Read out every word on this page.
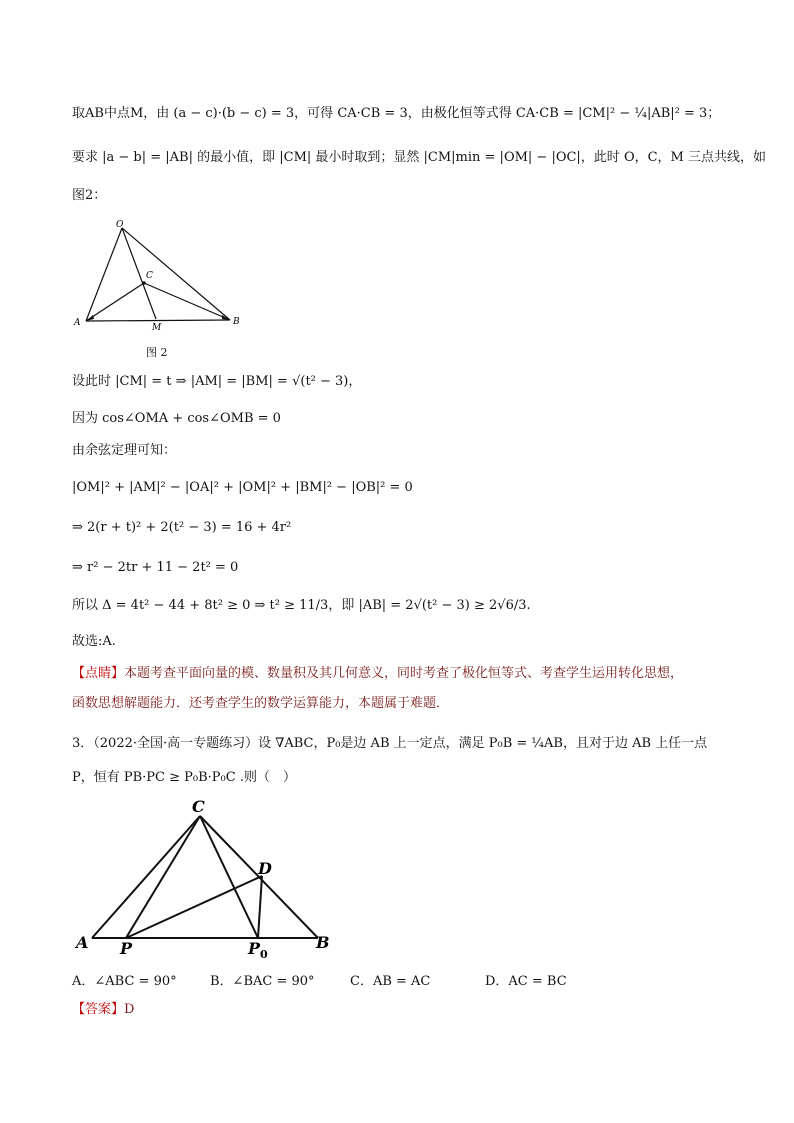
取AB中点M，由 (a − c)·(b − c) = 3，可得 CA·CB = 3，由极化恒等式得 CA·CB = |CM|² − ¼|AB|² = 3；
要求 |a − b| = |AB| 的最小值，即 |CM| 最小时取到；显然 |CM|min = |OM| − |OC|，此时 O，C，M 三点共线，如
图2：
O
C
A	M
B
图 2
设此时 |CM| = t ⇒ |AM| = |BM| = √(t² − 3)，
因为 cos∠OMA + cos∠OMB = 0
由余弦定理可知：
|OM|² + |AM|² − |OA|² + |OM|² + |BM|² − |OB|² = 0
⇒ 2(r + t)² + 2(t² − 3) = 16 + 4r²
⇒ r² − 2tr + 11 − 2t² = 0
所以 Δ = 4t² − 44 + 8t² ≥ 0 ⇒ t² ≥ 11/3，即 |AB| = 2√(t² − 3) ≥ 2√6/3.
故选:A.
【点睛】本题考查平面向量的模、数量积及其几何意义，同时考查了极化恒等式、考查学生运用转化思想，
函数思想解题能力．还考查学生的数学运算能力，本题属于难题．
3．（2022·全国·高一专题练习）设 ∇ABC，P₀是边 AB 上一定点，满足 P₀B = ¼AB，且对于边 AB 上任一点
P，恒有 PB·PC ≥ P₀B·P₀C .则（　）
C
D
A P	P 0
B
A．∠ABC = 90°	B．∠BAC = 90°	C．AB = AC	D．AC = BC
【答案】D
